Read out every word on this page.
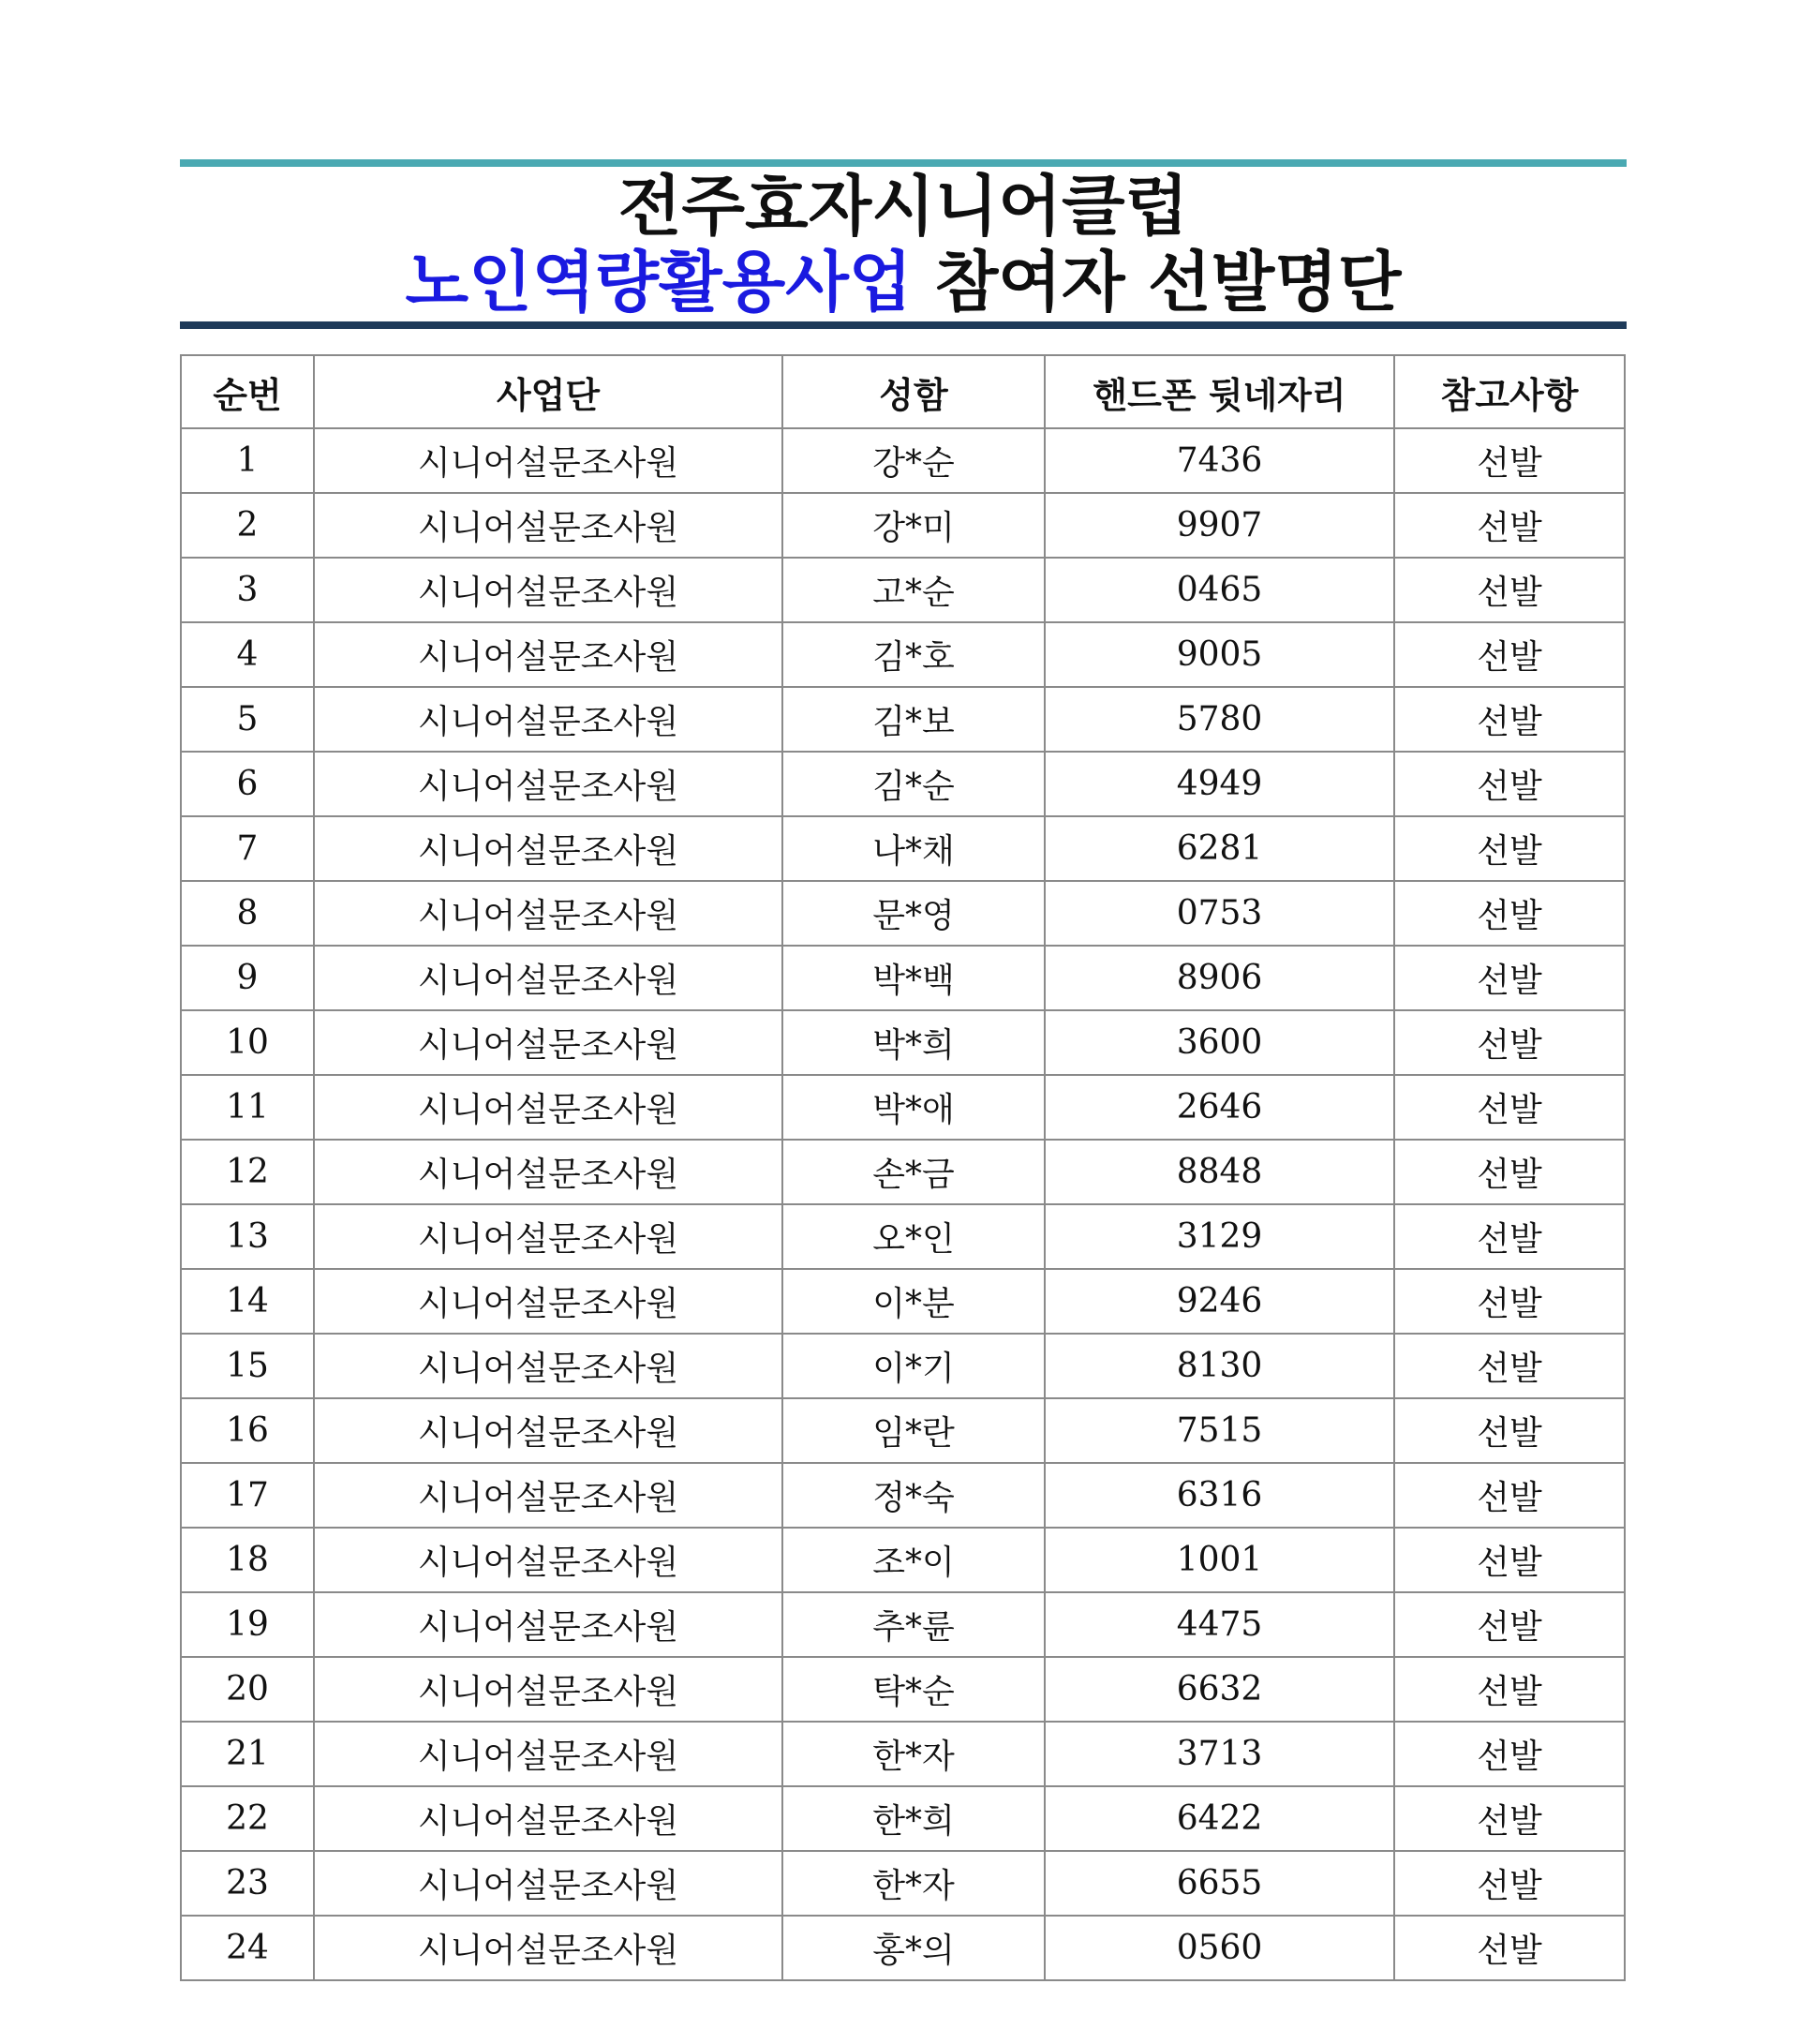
전주효자시니어클럽
노인역량활용사업 참여자 선발명단
순번	사업단	성함	핸드폰 뒷네자리	참고사항
1	시니어설문조사원	강*순	7436	선발
2	시니어설문조사원	강*미	9907	선발
3	시니어설문조사원	고*순	0465	선발
4	시니어설문조사원	김*호	9005	선발
5	시니어설문조사원	김*보	5780	선발
6	시니어설문조사원	김*순	4949	선발
7	시니어설문조사원	나*채	6281	선발
8	시니어설문조사원	문*영	0753	선발
9	시니어설문조사원	박*백	8906	선발
10	시니어설문조사원	박*희	3600	선발
11	시니어설문조사원	박*애	2646	선발
12	시니어설문조사원	손*금	8848	선발
13	시니어설문조사원	오*인	3129	선발
14	시니어설문조사원	이*분	9246	선발
15	시니어설문조사원	이*기	8130	선발
16	시니어설문조사원	임*란	7515	선발
17	시니어설문조사원	정*숙	6316	선발
18	시니어설문조사원	조*이	1001	선발
19	시니어설문조사원	추*륜	4475	선발
20	시니어설문조사원	탁*순	6632	선발
21	시니어설문조사원	한*자	3713	선발
22	시니어설문조사원	한*희	6422	선발
23	시니어설문조사원	한*자	6655	선발
24	시니어설문조사원	홍*의	0560	선발
